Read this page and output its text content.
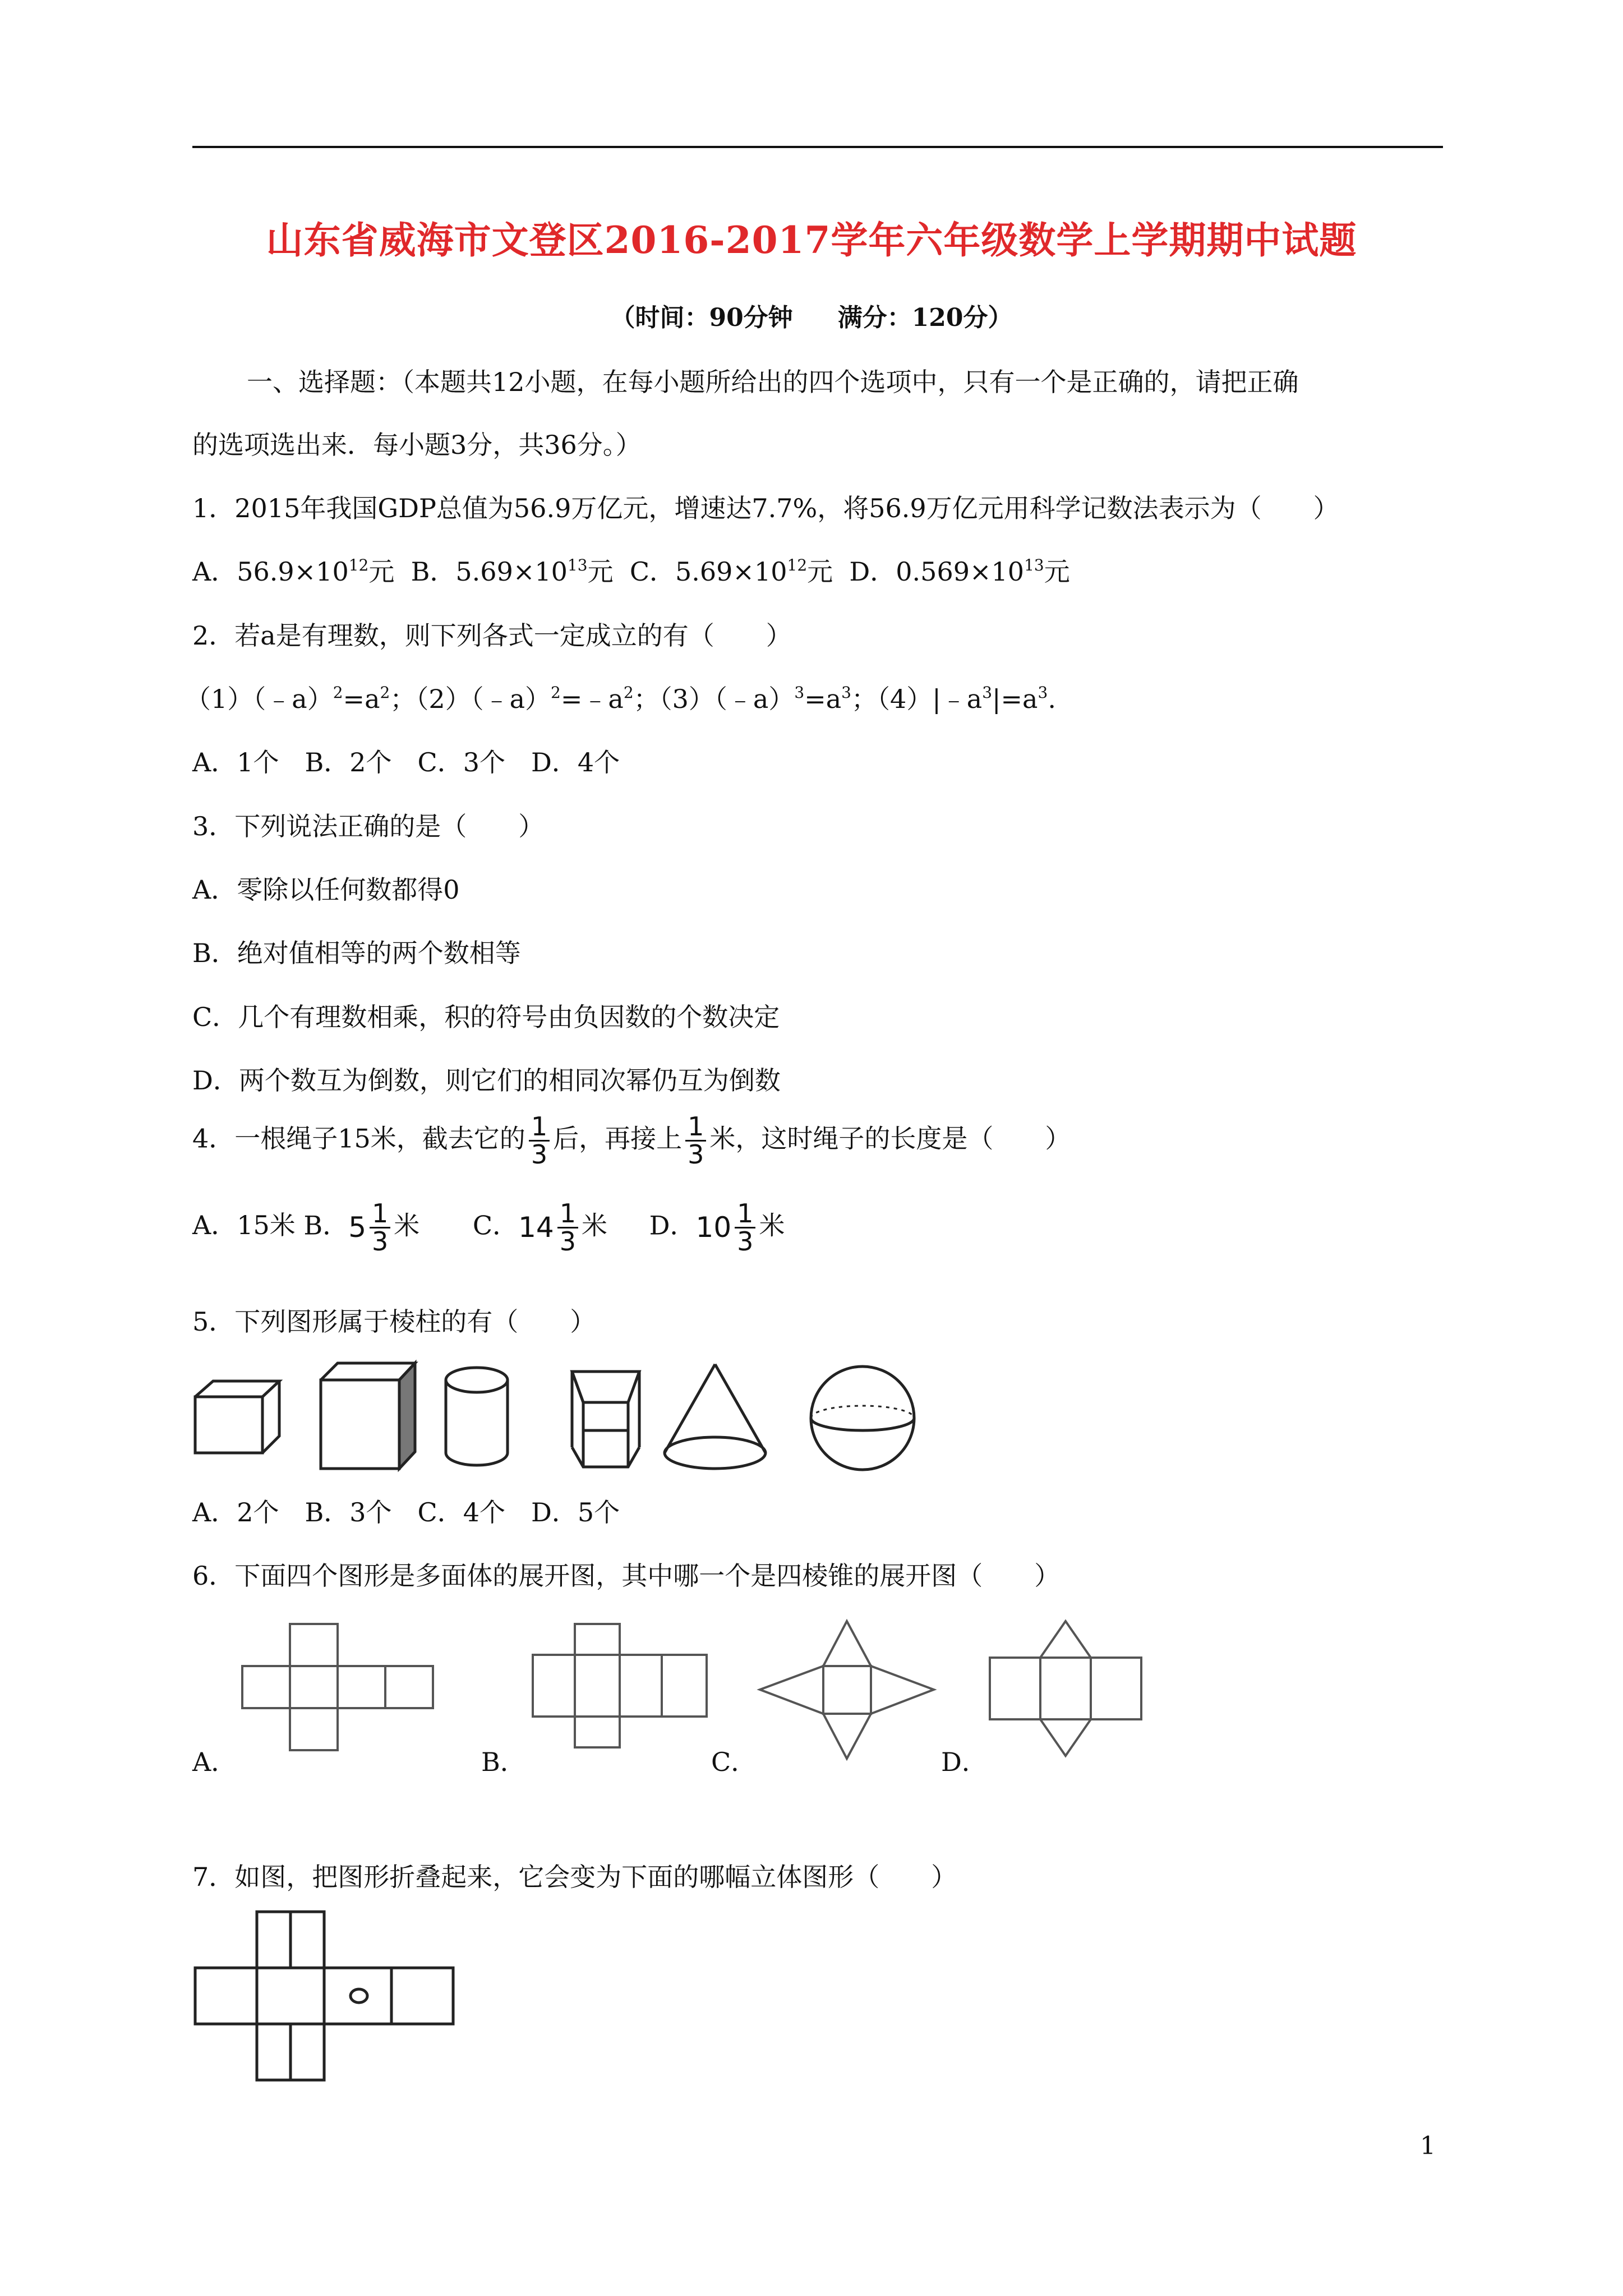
山东省威海市文登区2016-2017学年六年级数学上学期期中试题
（时间：90分钟 满分：120分）
一、选择题：（本题共12小题，在每小题所给出的四个选项中，只有一个是正确的，请把正确
的选项选出来．每小题3分，共36分。）
1．2015年我国GDP总值为56.9万亿元，增速达7.7%，将56.9万亿元用科学记数法表示为（　　）
A．$56.9\times 10^{12}$元 B．$5.69\times 10^{13}$元 C．$5.69\times 10^{12}$元 D．$0.569\times 10^{13}$元
2．若a是有理数，则下列各式一定成立的有（　　）
$(1)(﹣a)^2=a^2$；$(2)(﹣a)^2=﹣a^2$；$(3)(﹣a)^3=a^3$；$(4)|﹣a^3|=a^3$.
A．1个　B．2个　C．3个　D．4个
3．下列说法正确的是（　　）
A．零除以任何数都得0
B．绝对值相等的两个数相等
C．几个有理数相乘，积的符号由负因数的个数决定
D．两个数互为倒数，则它们的相同次幂仍互为倒数
4．一根绳子15米，截去它的 $\frac{1}{3}$ 后，再接上 $\frac{1}{3}$ 米，这时绳子的长度是（　　）
A．15米 B． $5 \frac{1}{3}$ 米 C． $14 \frac{1}{3}$ 米 D． $10 \frac{1}{3}$ 米
5．下列图形属于棱柱的有（　　）
A．2个　B．3个　C．4个　D．5个
6．下面四个图形是多面体的展开图，其中哪一个是四棱锥的展开图（　　）
A．	B．	C．	D．
7．如图，把图形折叠起来，它会变为下面的哪幅立体图形（　　）
1
